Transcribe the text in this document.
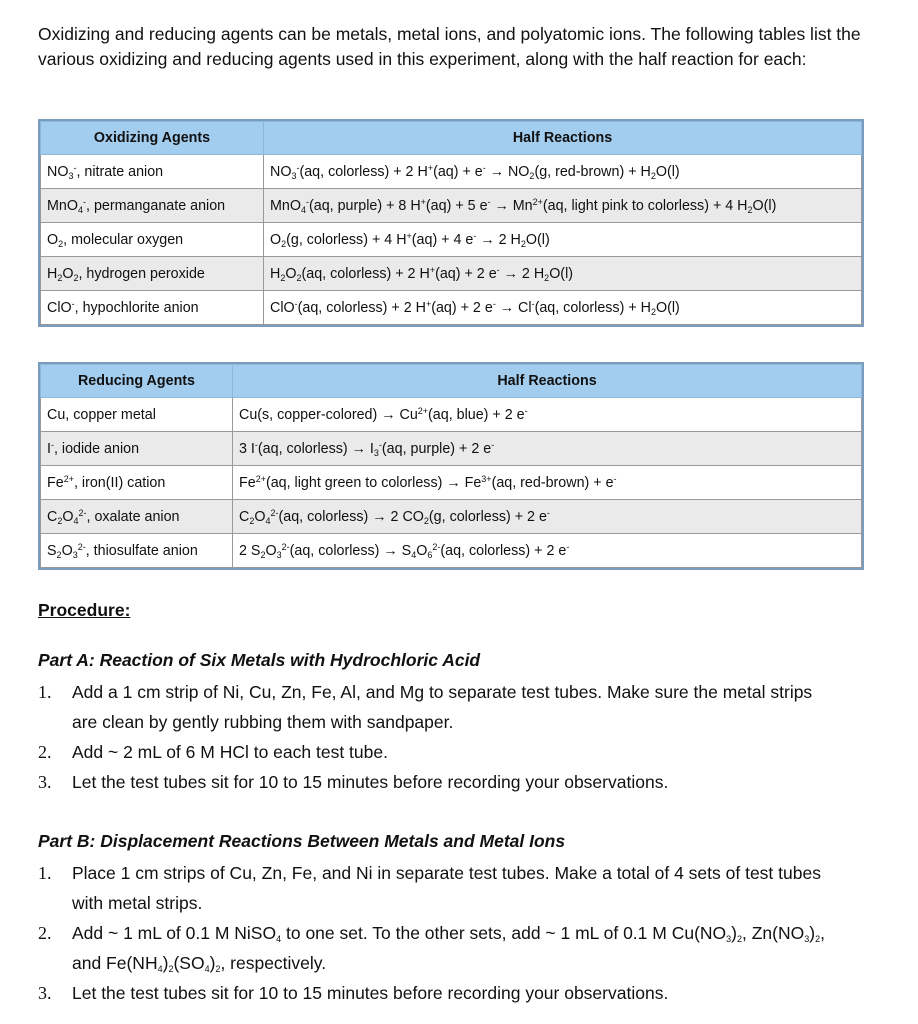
Oxidizing and reducing agents can be metals, metal ions, and polyatomic ions. The following tables list the various oxidizing and reducing agents used in this experiment, along with the half reaction for each:
Oxidizing Agents	Half Reactions
$NO_3^-$, nitrate anion	$NO_3^-(aq$, colorless) + 2 $H^+(aq) + e^- \to NO_2(g$, red-brown) + $H_2O(l)$
MnO$_4$-, permanganate anion	MnO$_4$-(aq, purple) + 8 H+(aq) + 5 $e^- \to Mn^{2+}(aq$, light pink to colorless) + 4 $H_2O(l)$
$O_2$, molecular oxygen	$O_2(g$, colorless) + 4 H+(aq) + 4 e- → 2 $H_2O(l)$
$H_2O_2$, hydrogen peroxide	$H_2O_2(aq$, colorless) + 2 H+(aq) + 2 e- → 2 $H_2O(l)$
ClO-, hypochlorite anion	ClO-(aq, colorless) + 2 H+(aq) + 2 e- → Cl-(aq, colorless) + $H_2O(l)$
Reducing Agents	Half Reactions
Cu, copper metal	Cu(s, copper-colored) → $Cu^{2+}(aq$, blue) + 2 e-
I-, iodide anion	3 I-(aq, colorless) → $I_3^-(aq$, purple) + 2 e-
$Fe^{2+}$, iron(II) cation	$Fe^{2+}(aq$, light green to colorless) → $Fe^{3+}(aq$, red-brown) + e-
$C_2O_4^{2-}$, oxalate anion	$C_2O_4^{2-}(aq$, colorless) → 2 $CO_2(g$, colorless) + 2 e-
$S_2O_3^{2-}$, thiosulfate anion	2 $S_2O_3^{2-}(aq$, colorless) → $S_4O_6^{2-}(aq$, colorless) + 2 e-
Procedure:
Part A: Reaction of Six Metals with Hydrochloric Acid
1. Add a 1 cm strip of Ni, Cu, Zn, Fe, Al, and Mg to separate test tubes. Make sure the metal strips are clean by gently rubbing them with sandpaper.
2. Add ~ 2 mL of 6 M HCl to each test tube.
3. Let the test tubes sit for 10 to 15 minutes before recording your observations.
Part B: Displacement Reactions Between Metals and Metal Ions
1. Place 1 cm strips of Cu, Zn, Fe, and Ni in separate test tubes. Make a total of 4 sets of test tubes with metal strips.
2. Add ~ 1 mL of 0.1 M NiSO$_4$ to one set. To the other sets, add ~ 1 mL of 0.1 M $Cu(NO_3)_2$, $Zn(NO_3)_2$, and $Fe(NH_4)_2(SO_4)_2$, respectively.
3. Let the test tubes sit for 10 to 15 minutes before recording your observations.
